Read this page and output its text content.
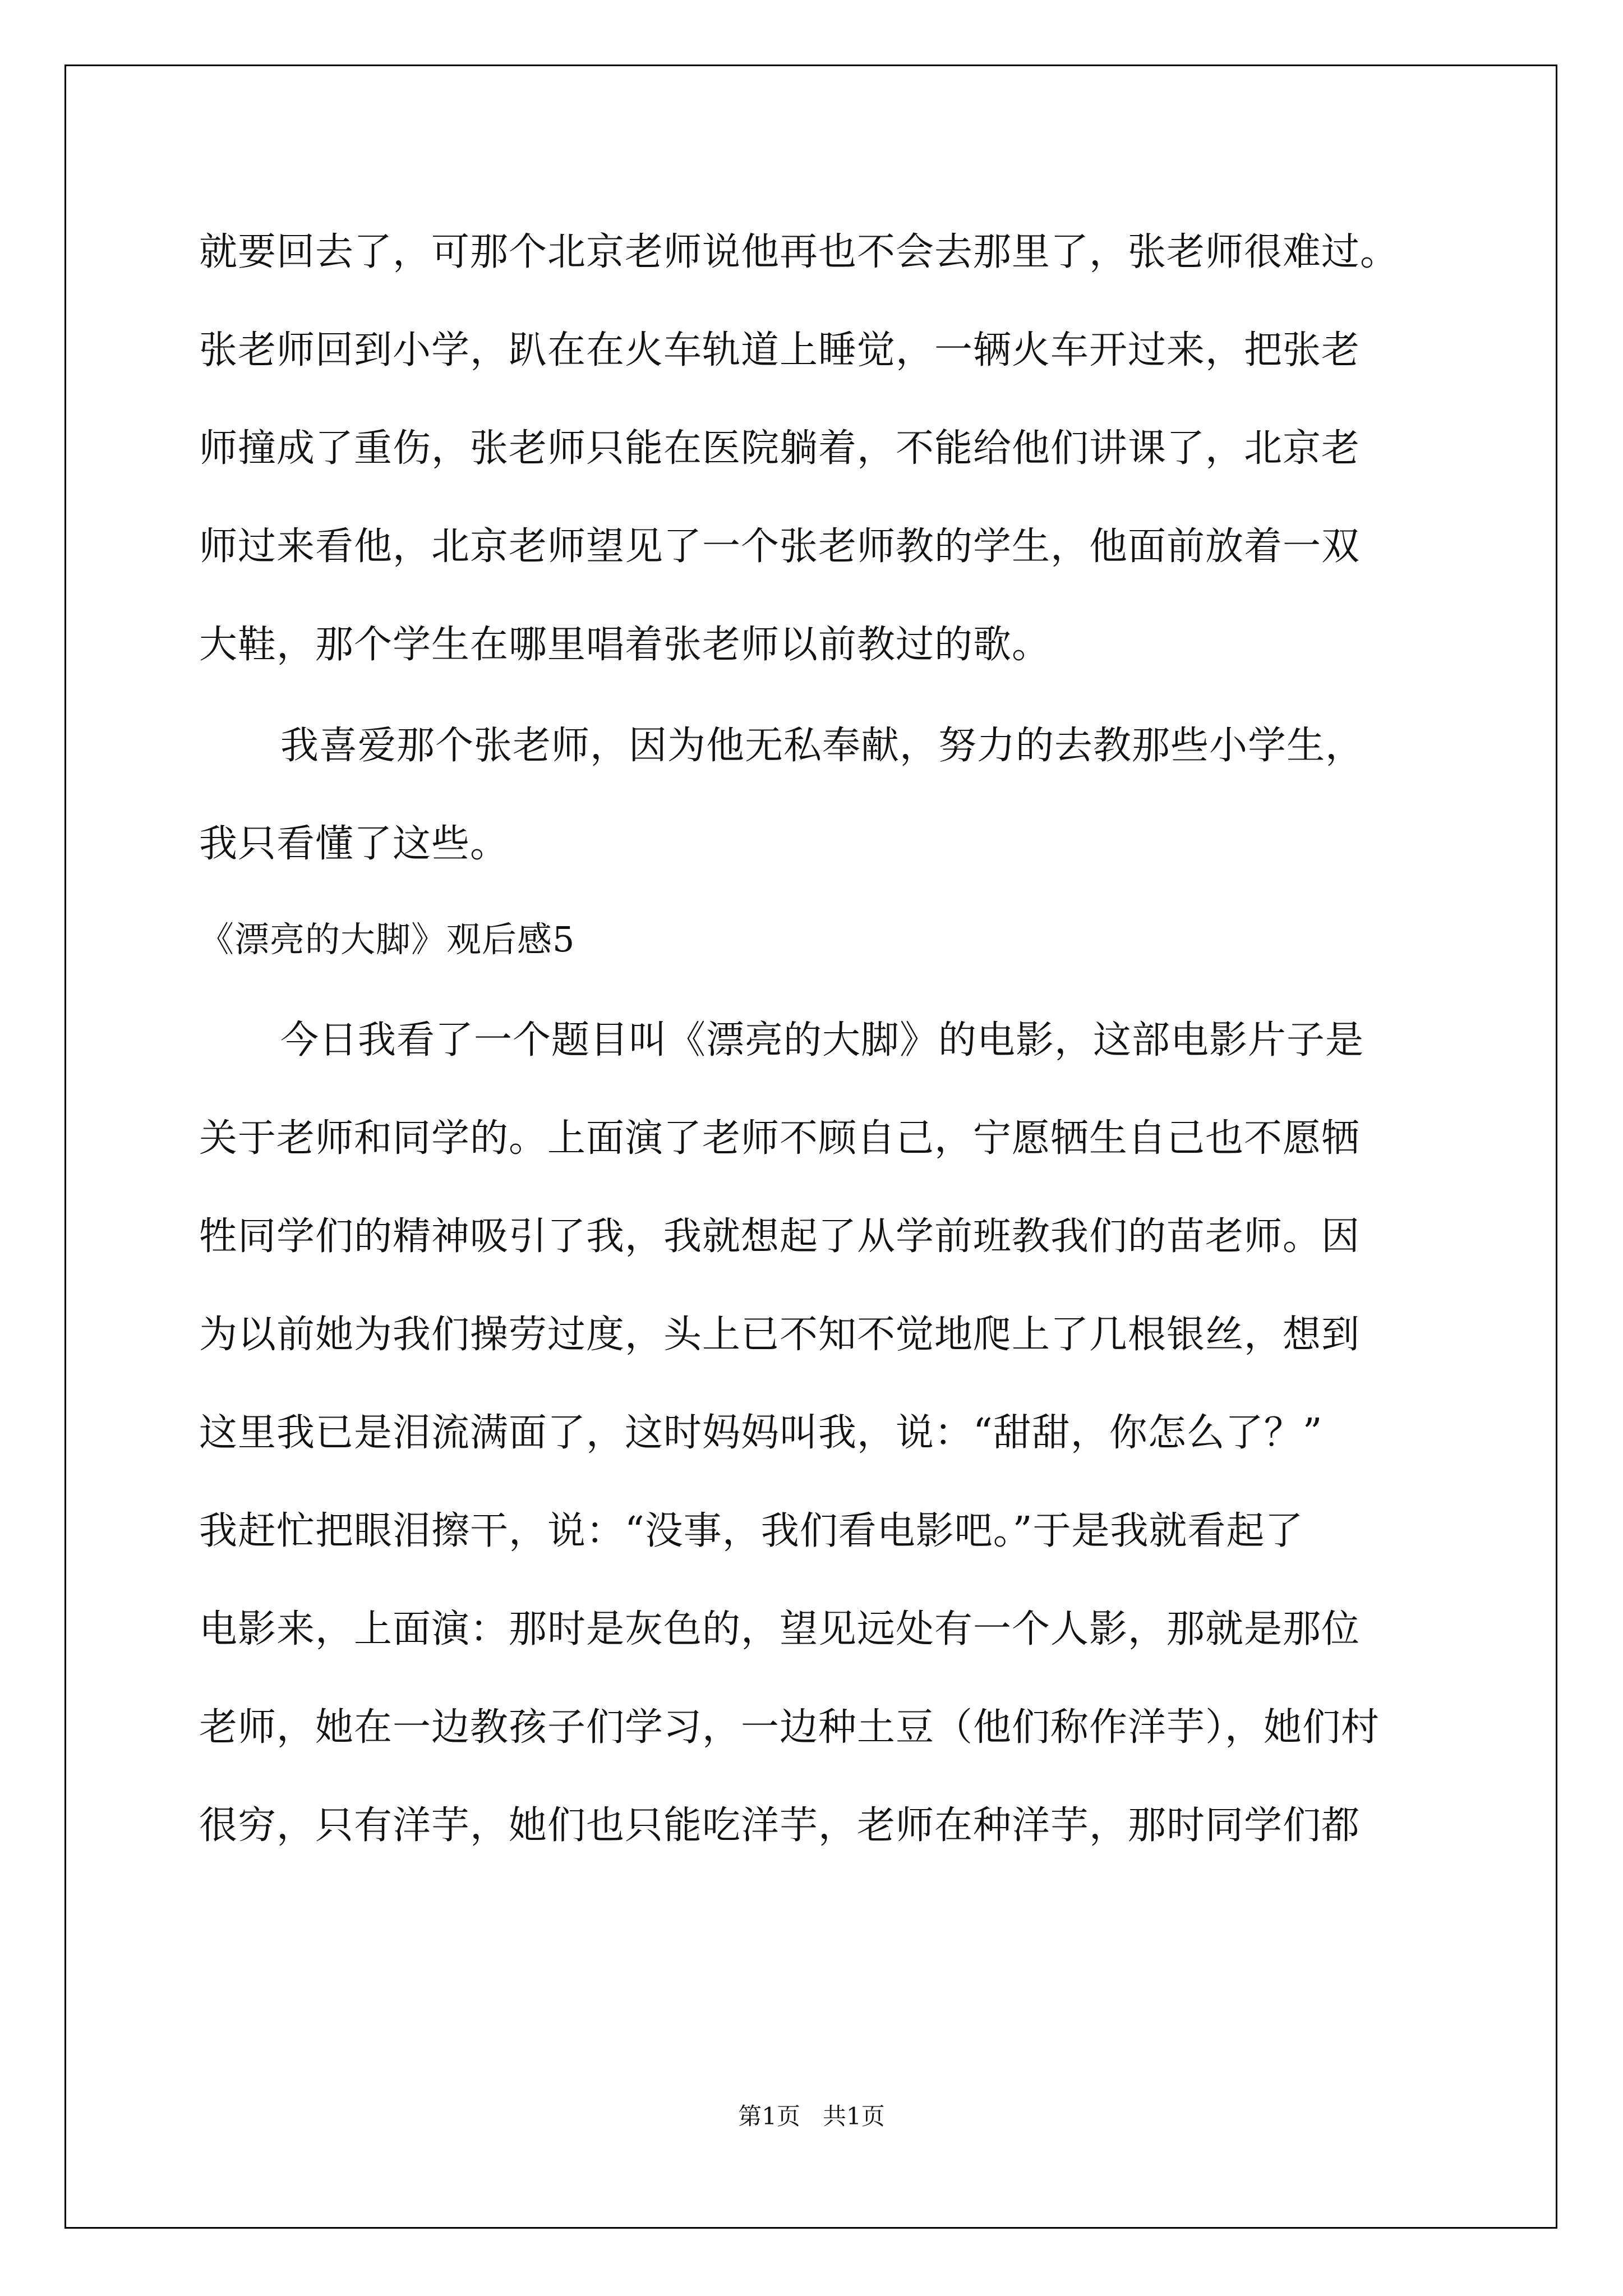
就要回去了，可那个北京老师说他再也不会去那里了，张老师很难过。
张老师回到小学，趴在在火车轨道上睡觉，一辆火车开过来，把张老
师撞成了重伤，张老师只能在医院躺着，不能给他们讲课了，北京老
师过来看他，北京老师望见了一个张老师教的学生，他面前放着一双
大鞋，那个学生在哪里唱着张老师以前教过的歌。
我喜爱那个张老师，因为他无私奉献，努力的去教那些小学生，
我只看懂了这些。
《漂亮的大脚》观后感5
今日我看了一个题目叫《漂亮的大脚》的电影，这部电影片子是
关于老师和同学的。上面演了老师不顾自己，宁愿牺生自己也不愿牺
牲同学们的精神吸引了我，我就想起了从学前班教我们的苗老师。因
为以前她为我们操劳过度，头上已不知不觉地爬上了几根银丝，想到
这里我已是泪流满面了，这时妈妈叫我，说：“甜甜，你怎么了？”
我赶忙把眼泪擦干，说：“没事，我们看电影吧。”于是我就看起了
电影来，上面演：那时是灰色的，望见远处有一个人影，那就是那位
老师，她在一边教孩子们学习，一边种土豆（他们称作洋芋），她们村
很穷，只有洋芋，她们也只能吃洋芋，老师在种洋芋，那时同学们都
第1页   共1页
